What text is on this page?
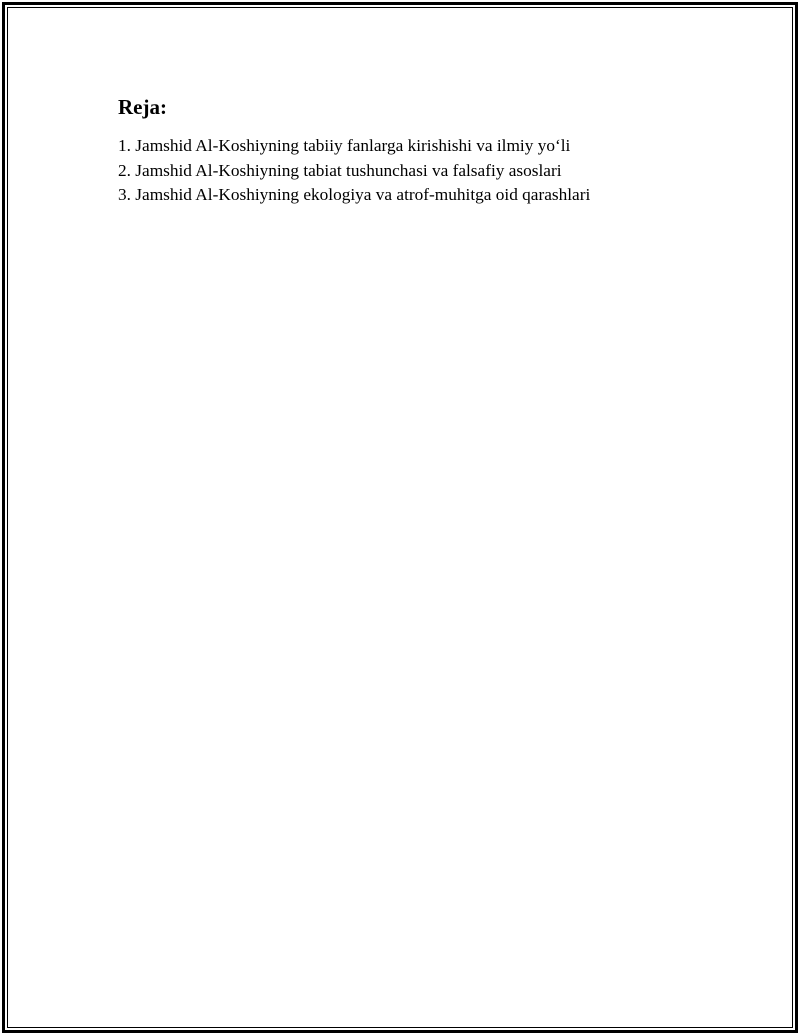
Reja:
1. Jamshid Al-Koshiyning tabiiy fanlarga kirishishi va ilmiy yo‘li
2. Jamshid Al-Koshiyning tabiat tushunchasi va falsafiy asoslari
3. Jamshid Al-Koshiyning ekologiya va atrof-muhitga oid qarashlari
